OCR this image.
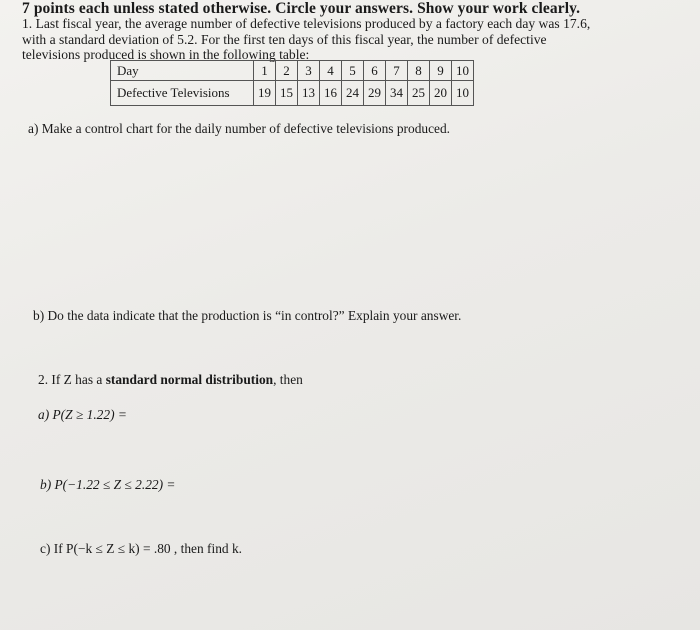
7 points each unless stated otherwise. Circle your answers. Show your work clearly.
1. Last fiscal year, the average number of defective televisions produced by a factory each day was 17.6,
with a standard deviation of 5.2. For the first ten days of this fiscal year, the number of defective
televisions produced is shown in the following table:
Day	1	2	3	4	5	6	7	8	9	10
Defective Televisions	19	15	13	16	24	29	34	25	20	10
a) Make a control chart for the daily number of defective televisions produced.
b) Do the data indicate that the production is “in control?” Explain your answer.
2. If Z has a standard normal distribution, then
a) P(Z ≥ 1.22) =
b) P(−1.22 ≤ Z ≤ 2.22) =
c) If P(−k ≤ Z ≤ k) = .80 , then find k.
